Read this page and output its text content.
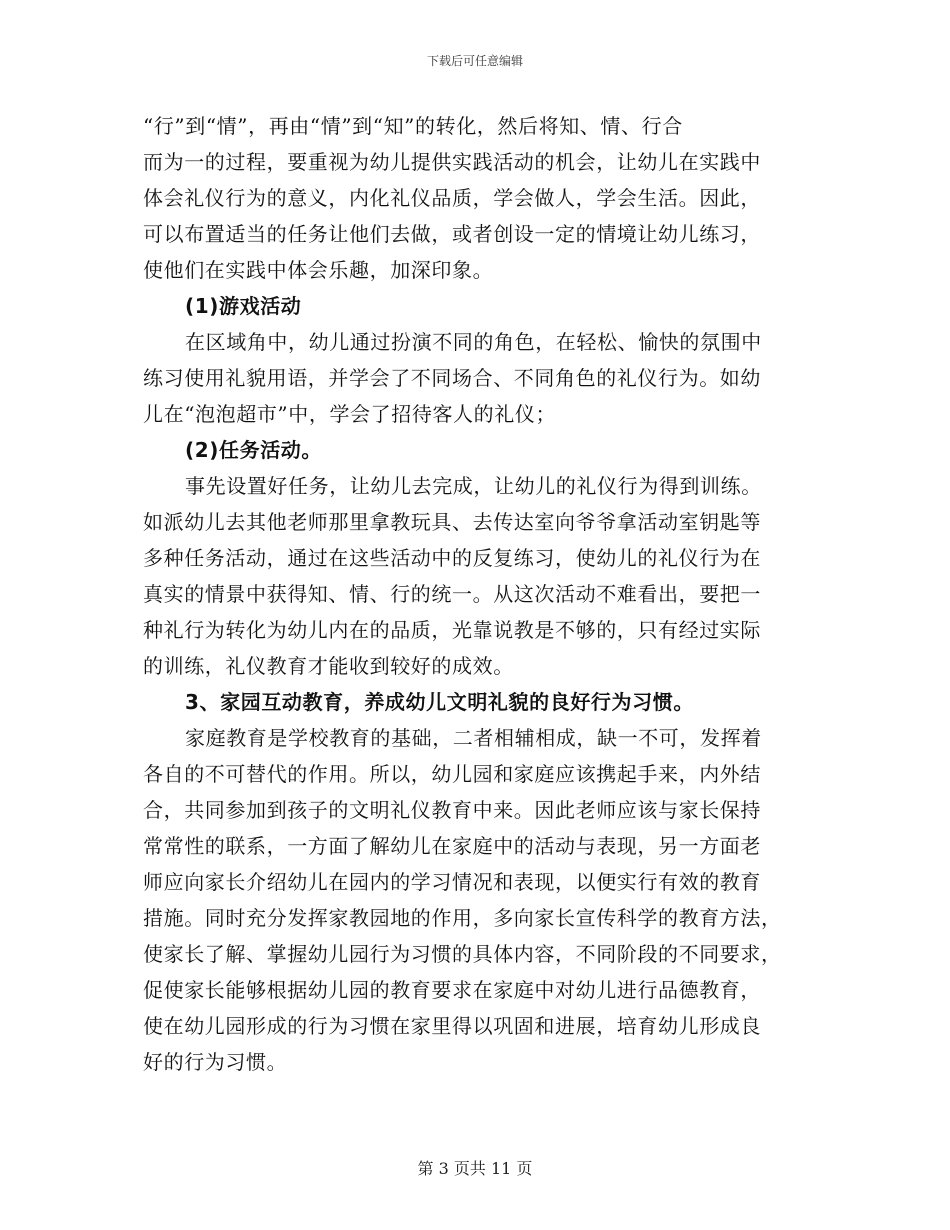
下载后可任意编辑
“行”到“情”，再由“情”到“知”的转化，然后将知、情、行合
而为一的过程，要重视为幼儿提供实践活动的机会，让幼儿在实践中
体会礼仪行为的意义，内化礼仪品质，学会做人，学会生活。因此，
可以布置适当的任务让他们去做，或者创设一定的情境让幼儿练习，
使他们在实践中体会乐趣，加深印象。
(1)游戏活动
在区域角中，幼儿通过扮演不同的角色，在轻松、愉快的氛围中
练习使用礼貌用语，并学会了不同场合、不同角色的礼仪行为。如幼
儿在“泡泡超市”中，学会了招待客人的礼仪；
(2)任务活动。
事先设置好任务，让幼儿去完成，让幼儿的礼仪行为得到训练。
如派幼儿去其他老师那里拿教玩具、去传达室向爷爷拿活动室钥匙等
多种任务活动，通过在这些活动中的反复练习，使幼儿的礼仪行为在
真实的情景中获得知、情、行的统一。从这次活动不难看出，要把一
种礼行为转化为幼儿内在的品质，光靠说教是不够的，只有经过实际
的训练，礼仪教育才能收到较好的成效。
3、家园互动教育，养成幼儿文明礼貌的良好行为习惯。
家庭教育是学校教育的基础，二者相辅相成，缺一不可，发挥着
各自的不可替代的作用。所以，幼儿园和家庭应该携起手来，内外结
合，共同参加到孩子的文明礼仪教育中来。因此老师应该与家长保持
常常性的联系，一方面了解幼儿在家庭中的活动与表现，另一方面老
师应向家长介绍幼儿在园内的学习情况和表现，以便实行有效的教育
措施。同时充分发挥家教园地的作用，多向家长宣传科学的教育方法，
使家长了解、掌握幼儿园行为习惯的具体内容，不同阶段的不同要求，
促使家长能够根据幼儿园的教育要求在家庭中对幼儿进行品德教育，
使在幼儿园形成的行为习惯在家里得以巩固和进展，培育幼儿形成良
好的行为习惯。
第 3 页共 11 页
